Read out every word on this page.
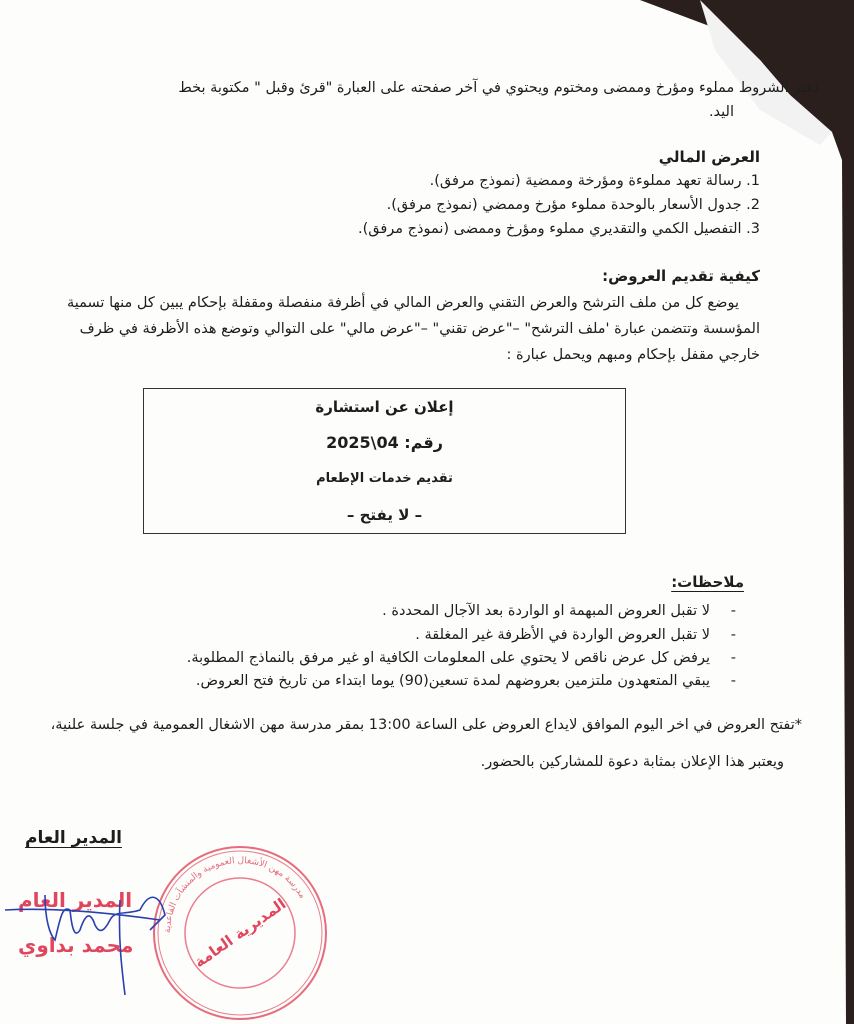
-
دفتر الشروط مملوء ومؤرخ وممضى ومختوم ويحتوي في آخر صفحته على العبارة "قرئ وقبل " مكتوبة بخط
اليد.
العرض المالي
1. رسالة تعهد مملوءة ومؤرخة وممضية (نموذج مرفق).
2. جدول الأسعار بالوحدة مملوء مؤرخ وممضي (نموذج مرفق).
3. التفصيل الكمي والتقديري مملوء ومؤرخ وممضى (نموذج مرفق).
كيفية تقديم العروض:
يوضع كل من ملف الترشح والعرض التقني والعرض المالي في أظرفة منفصلة ومقفلة بإحكام يبين كل منها تسمية
المؤسسة وتتضمن عبارة 'ملف الترشح" –"عرض تقني" –"عرض مالي" على التوالي وتوضع هذه الأظرفة في ظرف
خارجي مقفل بإحكام ومبهم ويحمل عبارة :
إعلان عن استشارة
رقم: 04\2025
تقديم خدمات الإطعام
– لا يفتح –
ملاحظات:
-
لا تقبل العروض المبهمة او الواردة بعد الآجال المحددة .
-
لا تقبل العروض الواردة في الأظرفة غير المغلقة .
-
يرفض كل عرض ناقص لا يحتوي على المعلومات الكافية او غير مرفق بالنماذج المطلوبة.
-
يبقي المتعهدون ملتزمين بعروضهم لمدة تسعين(90) يوما ابتداء من تاريخ فتح العروض.
*تفتح العروض في اخر اليوم الموافق لايداع العروض على الساعة 13:00 بمقر مدرسة مهن الاشغال العمومية في جلسة علنية،
ويعتبر هذا الإعلان بمثابة دعوة للمشاركين بالحضور.
المدير العام
المديرية العامة
مدرسة مهن الأشغال العمومية والمنشآت القاعدية
المدير العام
محمد بداوي
